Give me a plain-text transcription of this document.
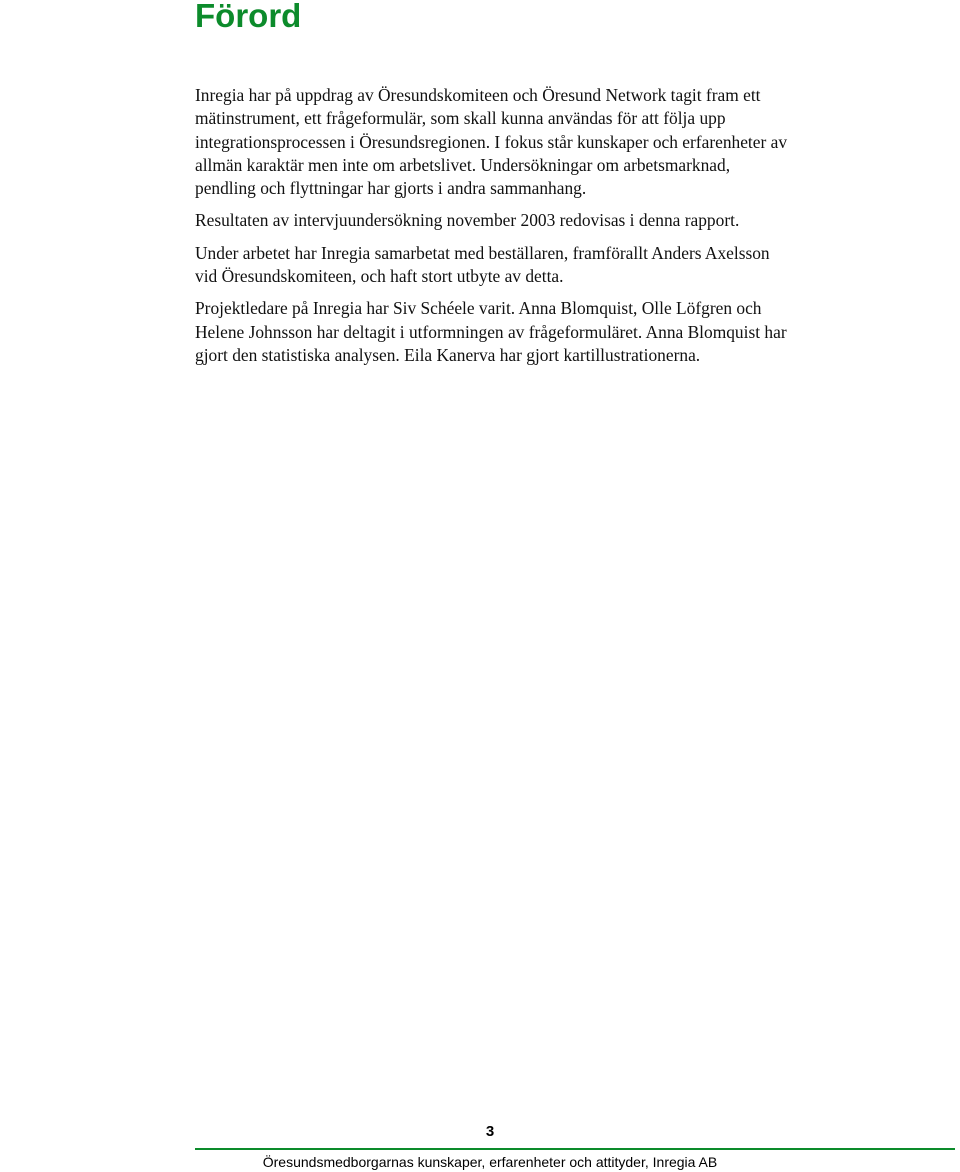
Förord

Inregia har på uppdrag av Öresundskomiteen och Öresund Network tagit fram ett mätinstrument, ett frågeformulär, som skall kunna användas för att följa upp integrationsprocessen i Öresundsregionen. I fokus står kunskaper och erfarenheter av allmän karaktär men inte om arbetslivet. Undersökningar om arbetsmarknad, pendling och flyttningar har gjorts i andra sammanhang.

Resultaten av intervjuundersökning november 2003 redovisas i denna rapport.

Under arbetet har Inregia samarbetat med beställaren, framförallt Anders Axelsson vid Öresundskomiteen, och haft stort utbyte av detta.

Projektledare på Inregia har Siv Schéele varit. Anna Blomquist, Olle Löfgren och Helene Johnsson har deltagit i utformningen av frågeformuläret. Anna Blomquist har gjort den statistiska analysen. Eila Kanerva har gjort kartillustrationerna.

3
Öresundsmedborgarnas kunskaper, erfarenheter och attityder, Inregia AB
